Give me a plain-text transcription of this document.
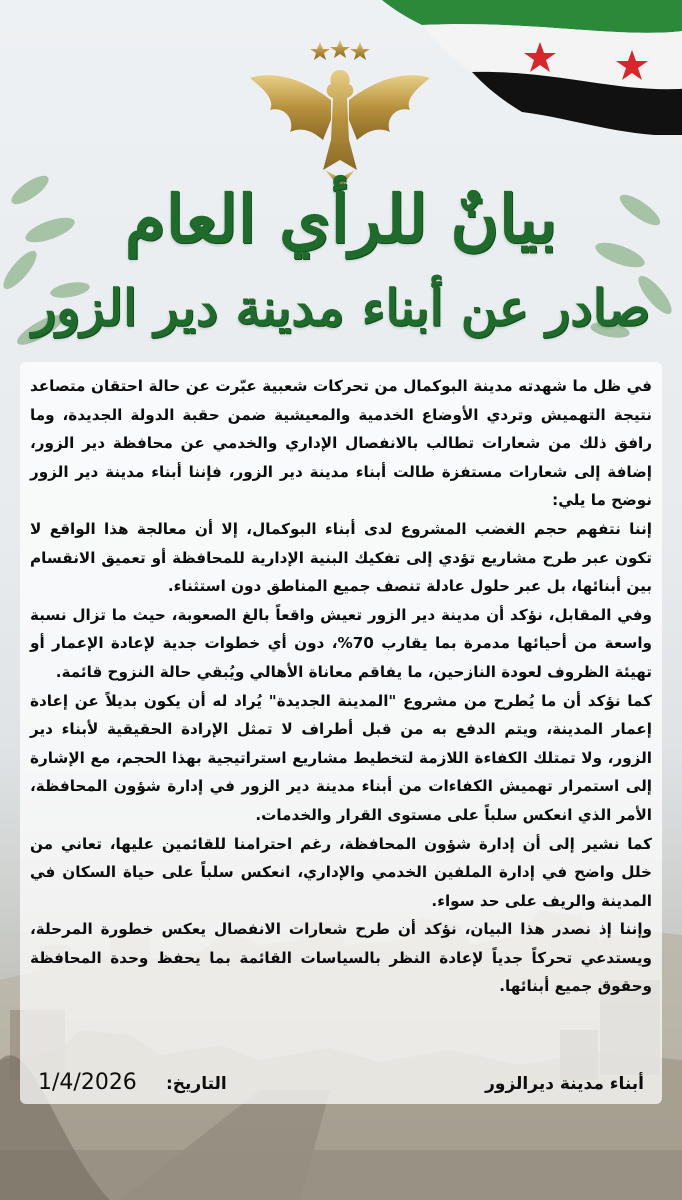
بيانٌ للرأي العام
صادر عن أبناء مدينة دير الزور

في ظل ما شهدته مدينة البوكمال من تحركات شعبية عبّرت عن حالة احتقان متصاعد نتيجة التهميش وتردي الأوضاع الخدمية والمعيشية ضمن حقبة الدولة الجديدة، وما رافق ذلك من شعارات تطالب بالانفصال الإداري والخدمي عن محافظة دير الزور، إضافة إلى شعارات مستفزة طالت أبناء مدينة دير الزور، فإننا أبناء مدينة دير الزور نوضح ما يلي:

إننا نتفهم حجم الغضب المشروع لدى أبناء البوكمال، إلا أن معالجة هذا الواقع لا تكون عبر طرح مشاريع تؤدي إلى تفكيك البنية الإدارية للمحافظة أو تعميق الانقسام بين أبنائها، بل عبر حلول عادلة تنصف جميع المناطق دون استثناء.

وفي المقابل، نؤكد أن مدينة دير الزور تعيش واقعاً بالغ الصعوبة، حيث ما تزال نسبة واسعة من أحيائها مدمرة بما يقارب 70%، دون أي خطوات جدية لإعادة الإعمار أو تهيئة الظروف لعودة النازحين، ما يفاقم معاناة الأهالي ويُبقي حالة النزوح قائمة.

كما نؤكد أن ما يُطرح من مشروع "المدينة الجديدة" يُراد له أن يكون بديلاً عن إعادة إعمار المدينة، ويتم الدفع به من قبل أطراف لا تمثل الإرادة الحقيقية لأبناء دير الزور، ولا تمتلك الكفاءة اللازمة لتخطيط مشاريع استراتيجية بهذا الحجم، مع الإشارة إلى استمرار تهميش الكفاءات من أبناء مدينة دير الزور في إدارة شؤون المحافظة، الأمر الذي انعكس سلباً على مستوى القرار والخدمات.

كما نشير إلى أن إدارة شؤون المحافظة، رغم احترامنا للقائمين عليها، تعاني من خلل واضح في إدارة الملفين الخدمي والإداري، انعكس سلباً على حياة السكان في المدينة والريف على حد سواء.

وإننا إذ نصدر هذا البيان، نؤكد أن طرح شعارات الانفصال يعكس خطورة المرحلة، ويستدعي تحركاً جدياً لإعادة النظر بالسياسات القائمة بما يحفظ وحدة المحافظة وحقوق جميع أبنائها.

أبناء مدينة ديرالزور
التاريخ:
1/4/2026
